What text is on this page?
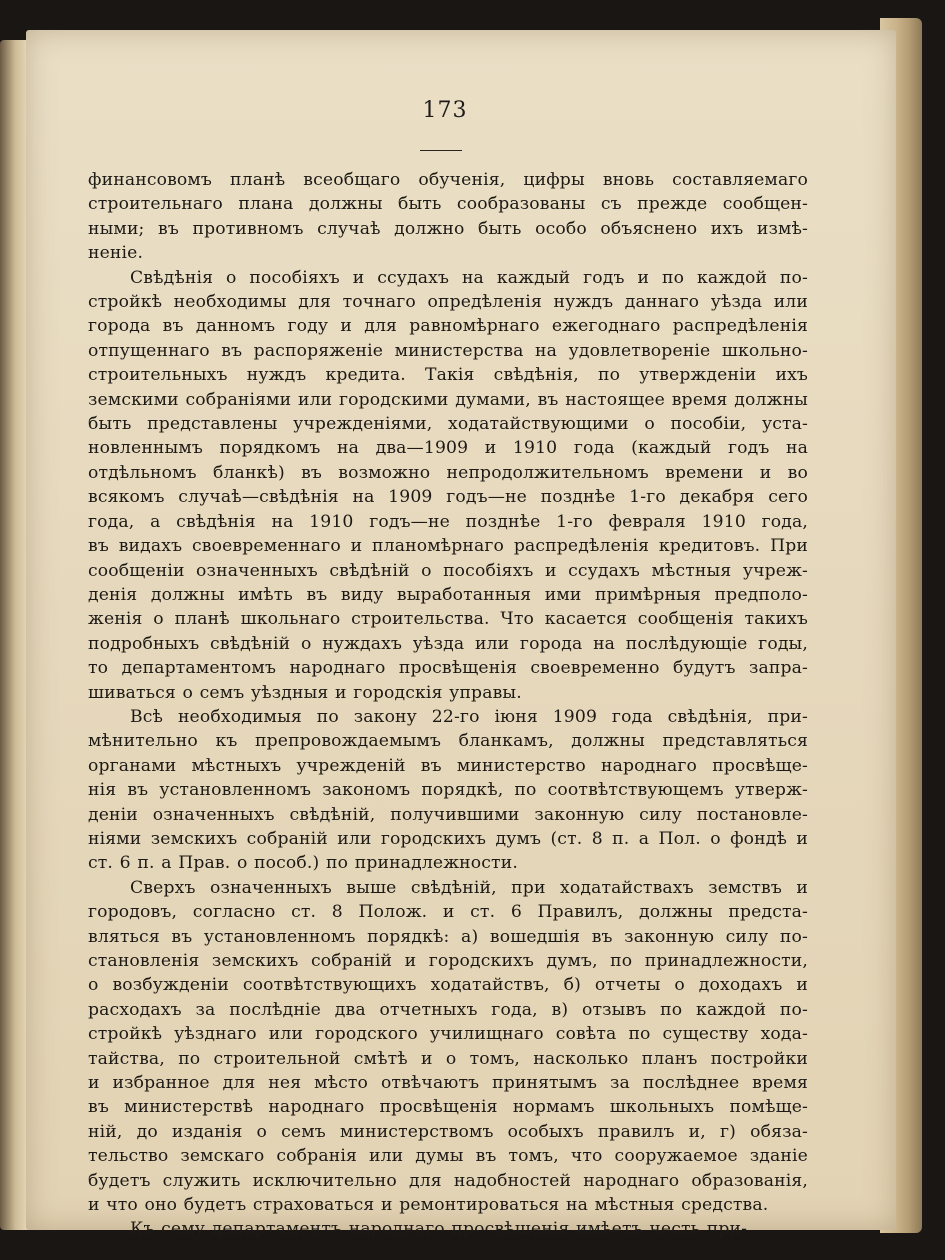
173

финансовомъ планѣ всеобщаго обученія, цифры вновь составляемаго
строительнаго плана должны быть сообразованы съ прежде сообщен-
ными; въ противномъ случаѣ должно быть особо объяснено ихъ измѣ-
неніе.

Свѣдѣнія о пособіяхъ и ссудахъ на каждый годъ и по каждой по-
стройкѣ необходимы для точнаго опредѣленія нуждъ даннаго уѣзда или
города въ данномъ году и для равномѣрнаго ежегоднаго распредѣленія
отпущеннаго въ распоряженіе министерства на удовлетвореніе школьно-
строительныхъ нуждъ кредита. Такія свѣдѣнія, по утвержденіи ихъ
земскими собраніями или городскими думами, въ настоящее время должны
быть представлены учрежденіями, ходатайствующими о пособіи, уста-
новленнымъ порядкомъ на два—1909 и 1910 года (каждый годъ на
отдѣльномъ бланкѣ) въ возможно непродолжительномъ времени и во
всякомъ случаѣ—свѣдѣнія на 1909 годъ—не позднѣе 1-го декабря сего
года, а свѣдѣнія на 1910 годъ—не позднѣе 1-го февраля 1910 года,
въ видахъ своевременнаго и планомѣрнаго распредѣленія кредитовъ. При
сообщеніи означенныхъ свѣдѣній о пособіяхъ и ссудахъ мѣстныя учреж-
денія должны имѣть въ виду выработанныя ими примѣрныя предполо-
женія о планѣ школьнаго строительства. Что касается сообщенія такихъ
подробныхъ свѣдѣній о нуждахъ уѣзда или города на послѣдующіе годы,
то департаментомъ народнаго просвѣщенія своевременно будутъ запра-
шиваться о семъ уѣздныя и городскія управы.

Всѣ необходимыя по закону 22-го іюня 1909 года свѣдѣнія, при-
мѣнительно къ препровождаемымъ бланкамъ, должны представляться
органами мѣстныхъ учрежденій въ министерство народнаго просвѣще-
нія въ установленномъ закономъ порядкѣ, по соотвѣтствующемъ утверж-
деніи означенныхъ свѣдѣній, получившими законную силу постановле-
ніями земскихъ собраній или городскихъ думъ (ст. 8 п. а Пол. о фондѣ и
ст. 6 п. а Прав. о пособ.) по принадлежности.

Сверхъ означенныхъ выше свѣдѣній, при ходатайствахъ земствъ и
городовъ, согласно ст. 8 Полож. и ст. 6 Правилъ, должны предста-
вляться въ установленномъ порядкѣ: а) вошедшія въ законную силу по-
становленія земскихъ собраній и городскихъ думъ, по принадлежности,
о возбужденіи соотвѣтствующихъ ходатайствъ, б) отчеты о доходахъ и
расходахъ за послѣдніе два отчетныхъ года, в) отзывъ по каждой по-
стройкѣ уѣзднаго или городского училищнаго совѣта по существу хода-
тайства, по строительной смѣтѣ и о томъ, насколько планъ постройки
и избранное для нея мѣсто отвѣчаютъ принятымъ за послѣднее время
въ министерствѣ народнаго просвѣщенія нормамъ школьныхъ помѣще-
ній, до изданія о семъ министерствомъ особыхъ правилъ и, г) обяза-
тельство земскаго собранія или думы въ томъ, что сооружаемое зданіе
будетъ служить исключительно для надобностей народнаго образованія,
и что оно будетъ страховаться и ремонтироваться на мѣстныя средства.

Къ сему департаментъ народнаго просвѣщенія имѣетъ честь при-
